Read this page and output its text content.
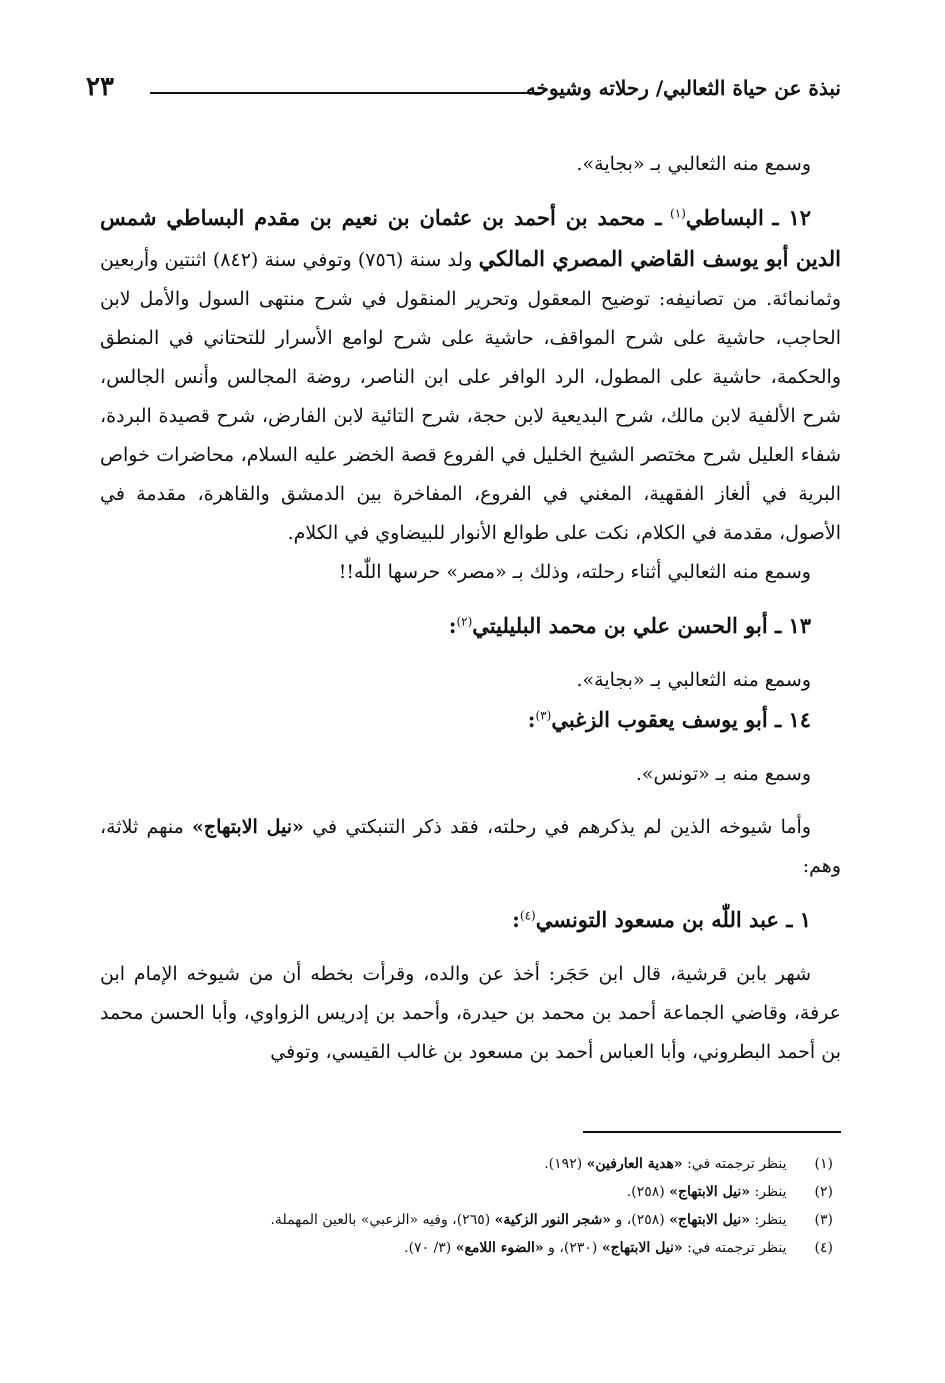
نبذة عن حياة الثعالبي/ رحلاته وشيوخه
٢٣

وسمع منه الثعالبي بـ «بجاية».

١٢ ـ البساطي$^{(١)}$ ـ محمد بن أحمد بن عثمان بن نعيم بن مقدم البساطي شمس الدين أبو يوسف القاضي المصري المالكي ولد سنة (٧٥٦) وتوفي سنة (٨٤٢) اثنتين وأربعين وثمانمائة. من تصانيفه: توضيح المعقول وتحرير المنقول في شرح منتهى السول والأمل لابن الحاجب، حاشية على شرح المواقف، حاشية على شرح لوامع الأسرار للتحتاني في المنطق والحكمة، حاشية على المطول، الرد الوافر على ابن الناصر، روضة المجالس وأنس الجالس، شرح الألفية لابن مالك، شرح البديعية لابن حجة، شرح التائية لابن الفارض، شرح قصيدة البردة، شفاء العليل شرح مختصر الشيخ الخليل في الفروع قصة الخضر عليه السلام، محاضرات خواص البرية في ألغاز الفقهية، المغني في الفروع، المفاخرة بين الدمشق والقاهرة، مقدمة في الأصول، مقدمة في الكلام، نكت على طوالع الأنوار للبيضاوي في الكلام.

وسمع منه الثعالبي أثناء رحلته، وذلك بـ «مصر» حرسها اللّٰه!!

١٣ ـ أبو الحسن علي بن محمد البليليتي$^{(٢)}$:

وسمع منه الثعالبي بـ «بجاية».

١٤ ـ أبو يوسف يعقوب الزغبي$^{(٣)}$:

وسمع منه بـ «تونس».

وأما شيوخه الذين لم يذكرهم في رحلته، فقد ذكر التنبكتي في «نيل الابتهاج» منهم ثلاثة، وهم:

١ ـ عبد اللّٰه بن مسعود التونسي$^{(٤)}$:

شهر بابن قرشية، قال ابن حَجَر: أخذ عن والده، وقرأت بخطه أن من شيوخه الإمام ابن عرفة، وقاضي الجماعة أحمد بن محمد بن حيدرة، وأحمد بن إدريس الزواوي، وأبا الحسن محمد بن أحمد البطروني، وأبا العباس أحمد بن مسعود بن غالب القيسي، وتوفي

(١) ينظر ترجمته في: «هدية العارفين» (١٩٢).

(٢) ينظر: «نيل الابتهاج» (٢٥٨).

(٣) ينظر: «نيل الابتهاج» (٢٥٨)، و «شجر النور الزكية» (٢٦٥)، وفيه «الزعبي» بالعين المهملة.

(٤) ينظر ترجمته في: «نيل الابتهاج» (٢٣٠)، و «الضوء اللامع» (٣/ ٧٠).
